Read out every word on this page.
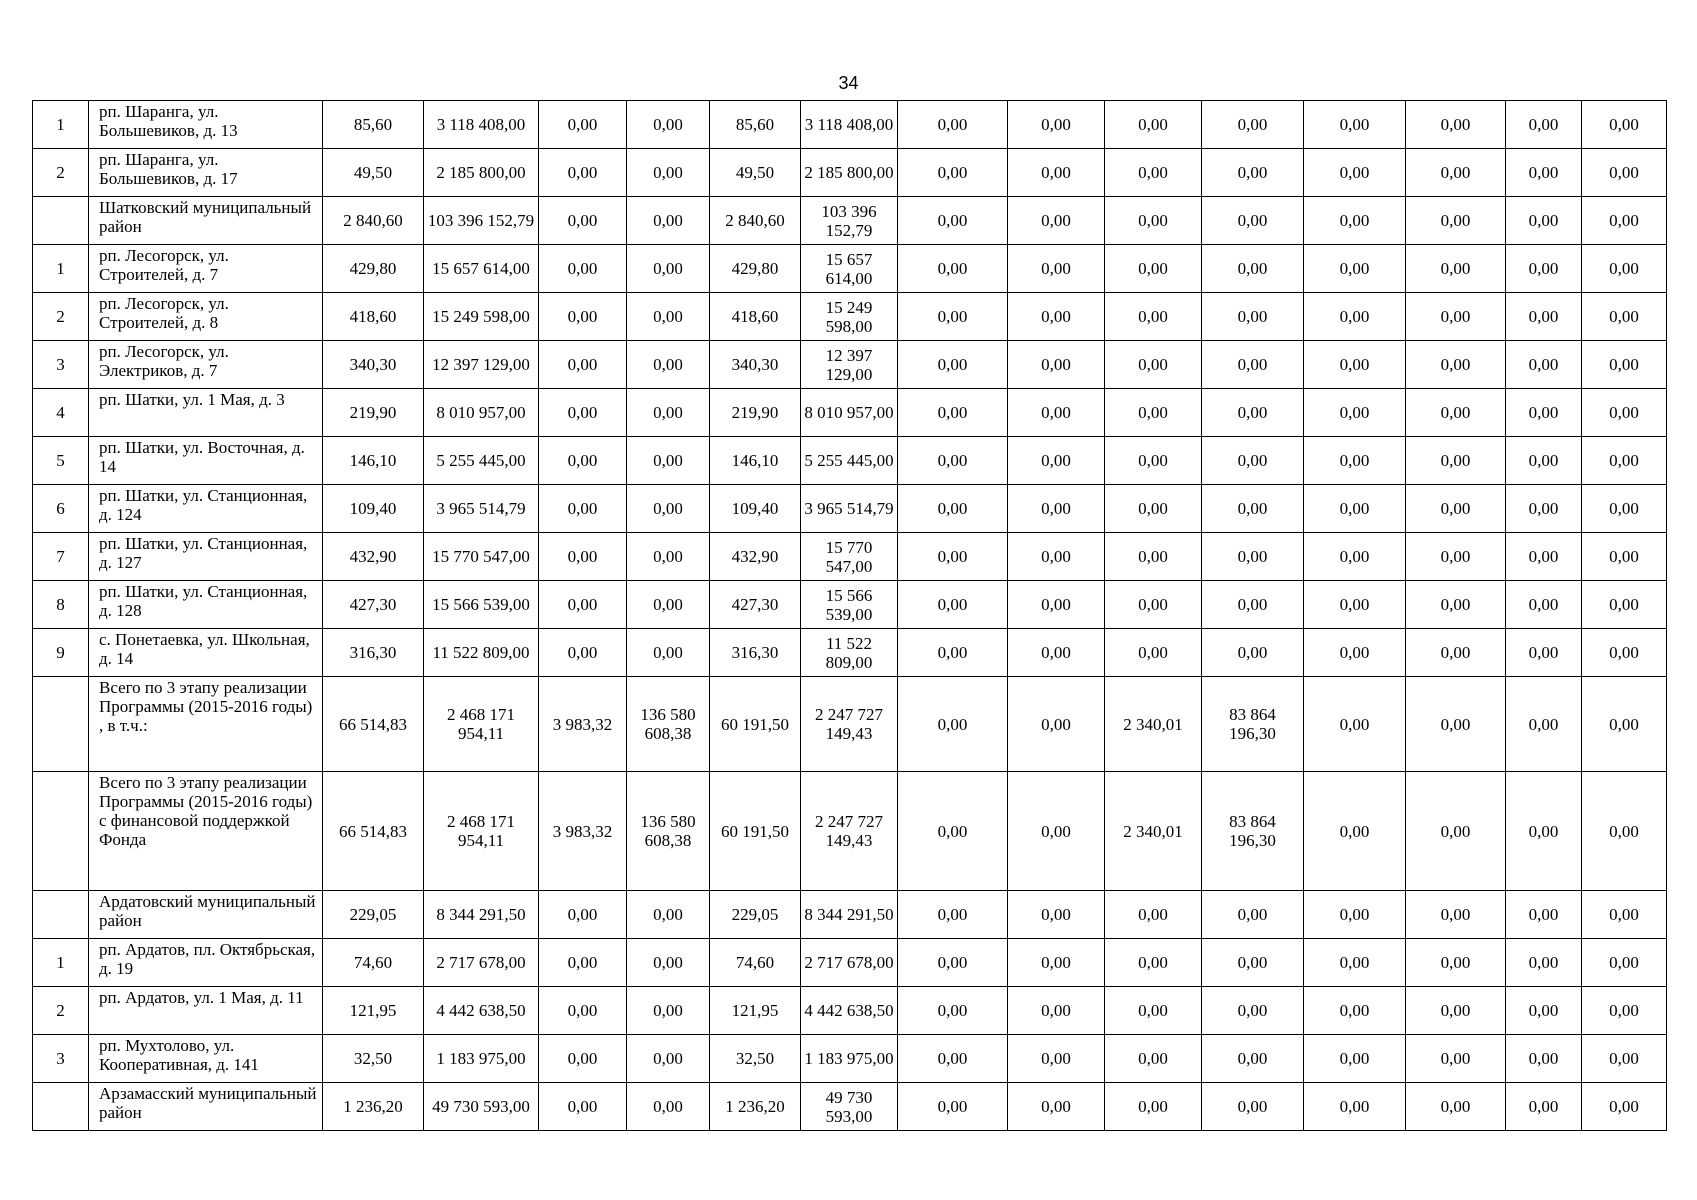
34
1	рп. Шаранга, ул. Большевиков, д. 13	85,60	3 118 408,00	0,00	0,00	85,60	3 118 408,00	0,00	0,00	0,00	0,00	0,00	0,00	0,00	0,00
2	рп. Шаранга, ул. Большевиков, д. 17	49,50	2 185 800,00	0,00	0,00	49,50	2 185 800,00	0,00	0,00	0,00	0,00	0,00	0,00	0,00	0,00
	Шатковский муниципальный район	2 840,60	103 396 152,79	0,00	0,00	2 840,60	103 396 152,79	0,00	0,00	0,00	0,00	0,00	0,00	0,00	0,00
1	рп. Лесогорск, ул. Строителей, д. 7	429,80	15 657 614,00	0,00	0,00	429,80	15 657 614,00	0,00	0,00	0,00	0,00	0,00	0,00	0,00	0,00
2	рп. Лесогорск, ул. Строителей, д. 8	418,60	15 249 598,00	0,00	0,00	418,60	15 249 598,00	0,00	0,00	0,00	0,00	0,00	0,00	0,00	0,00
3	рп. Лесогорск, ул. Электриков, д. 7	340,30	12 397 129,00	0,00	0,00	340,30	12 397 129,00	0,00	0,00	0,00	0,00	0,00	0,00	0,00	0,00
4	рп. Шатки, ул. 1 Мая, д. 3	219,90	8 010 957,00	0,00	0,00	219,90	8 010 957,00	0,00	0,00	0,00	0,00	0,00	0,00	0,00	0,00
5	рп. Шатки, ул. Восточная, д. 14	146,10	5 255 445,00	0,00	0,00	146,10	5 255 445,00	0,00	0,00	0,00	0,00	0,00	0,00	0,00	0,00
6	рп. Шатки, ул. Станционная, д. 124	109,40	3 965 514,79	0,00	0,00	109,40	3 965 514,79	0,00	0,00	0,00	0,00	0,00	0,00	0,00	0,00
7	рп. Шатки, ул. Станционная, д. 127	432,90	15 770 547,00	0,00	0,00	432,90	15 770 547,00	0,00	0,00	0,00	0,00	0,00	0,00	0,00	0,00
8	рп. Шатки, ул. Станционная, д. 128	427,30	15 566 539,00	0,00	0,00	427,30	15 566 539,00	0,00	0,00	0,00	0,00	0,00	0,00	0,00	0,00
9	с. Понетаевка, ул. Школьная, д. 14	316,30	11 522 809,00	0,00	0,00	316,30	11 522 809,00	0,00	0,00	0,00	0,00	0,00	0,00	0,00	0,00
	Всего по 3 этапу реализации Программы (2015-2016 годы) , в т.ч.:	66 514,83	2 468 171 954,11	3 983,32	136 580 608,38	60 191,50	2 247 727 149,43	0,00	0,00	2 340,01	83 864 196,30	0,00	0,00	0,00	0,00
	Всего по 3 этапу реализации Программы (2015-2016 годы) с финансовой поддержкой Фонда	66 514,83	2 468 171 954,11	3 983,32	136 580 608,38	60 191,50	2 247 727 149,43	0,00	0,00	2 340,01	83 864 196,30	0,00	0,00	0,00	0,00
	Ардатовский муниципальный район	229,05	8 344 291,50	0,00	0,00	229,05	8 344 291,50	0,00	0,00	0,00	0,00	0,00	0,00	0,00	0,00
1	рп. Ардатов, пл. Октябрьская, д. 19	74,60	2 717 678,00	0,00	0,00	74,60	2 717 678,00	0,00	0,00	0,00	0,00	0,00	0,00	0,00	0,00
2	рп. Ардатов, ул. 1 Мая, д. 11	121,95	4 442 638,50	0,00	0,00	121,95	4 442 638,50	0,00	0,00	0,00	0,00	0,00	0,00	0,00	0,00
3	рп. Мухтолово, ул. Кооперативная, д. 141	32,50	1 183 975,00	0,00	0,00	32,50	1 183 975,00	0,00	0,00	0,00	0,00	0,00	0,00	0,00	0,00
	Арзамасский муниципальный район	1 236,20	49 730 593,00	0,00	0,00	1 236,20	49 730 593,00	0,00	0,00	0,00	0,00	0,00	0,00	0,00	0,00
